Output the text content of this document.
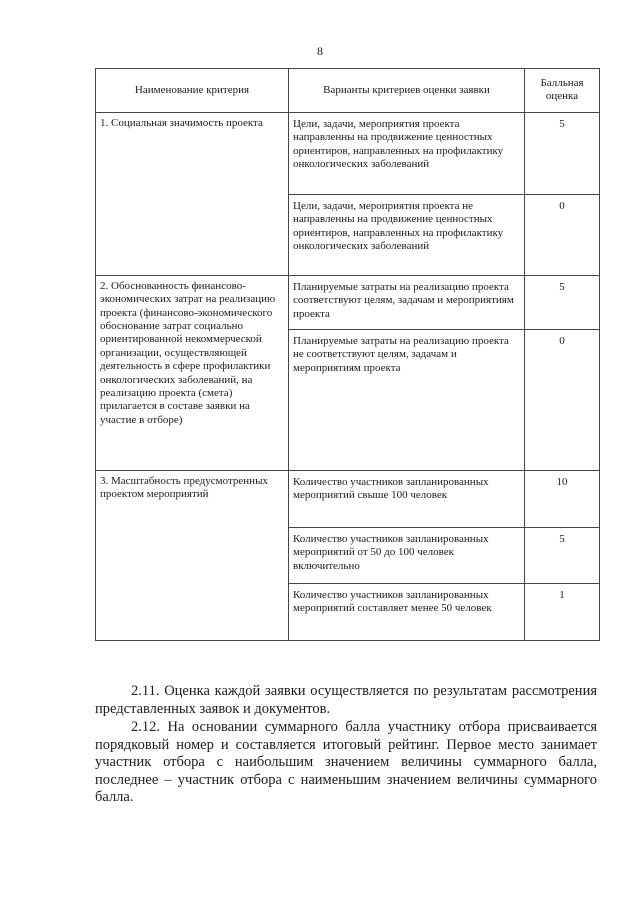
8
Наименование критерия	Варианты критериев оценки заявки	Балльная оценка
1. Социальная значимость проекта	Цели, задачи, мероприятия проекта направленны на продвижение ценностных ориентиров, направленных на профилактику онкологических заболеваний	5
	Цели, задачи, мероприятия проекта не направленны на продвижение ценностных ориентиров, направленных на профилактику онкологических заболеваний	0
2. Обоснованность финансово-экономических затрат на реализацию проекта (финансово-экономического обоснование затрат социально ориентированной некоммерческой организации, осуществляющей деятельность в сфере профилактики онкологических заболеваний, на реализацию проекта (смета) прилагается в составе заявки на участие в отборе)	Планируемые затраты на реализацию проекта соответствуют целям, задачам и мероприятиям проекта	5
	Планируемые затраты на реализацию проекта не соответствуют целям, задачам и мероприятиям проекта	0
3. Масштабность предусмотренных проектом мероприятий	Количество участников запланированных мероприятий свыше 100 человек	10
	Количество участников запланированных мероприятий от 50 до 100 человек включительно	5
	Количество участников запланированных мероприятий составляет менее 50 человек	1

2.11. Оценка каждой заявки осуществляется по результатам рассмотрения представленных заявок и документов.

2.12. На основании суммарного балла участнику отбора присваивается порядковый номер и составляется итоговый рейтинг. Первое место занимает участник отбора с наибольшим значением величины суммарного балла, последнее – участник отбора с наименьшим значением величины суммарного балла.
